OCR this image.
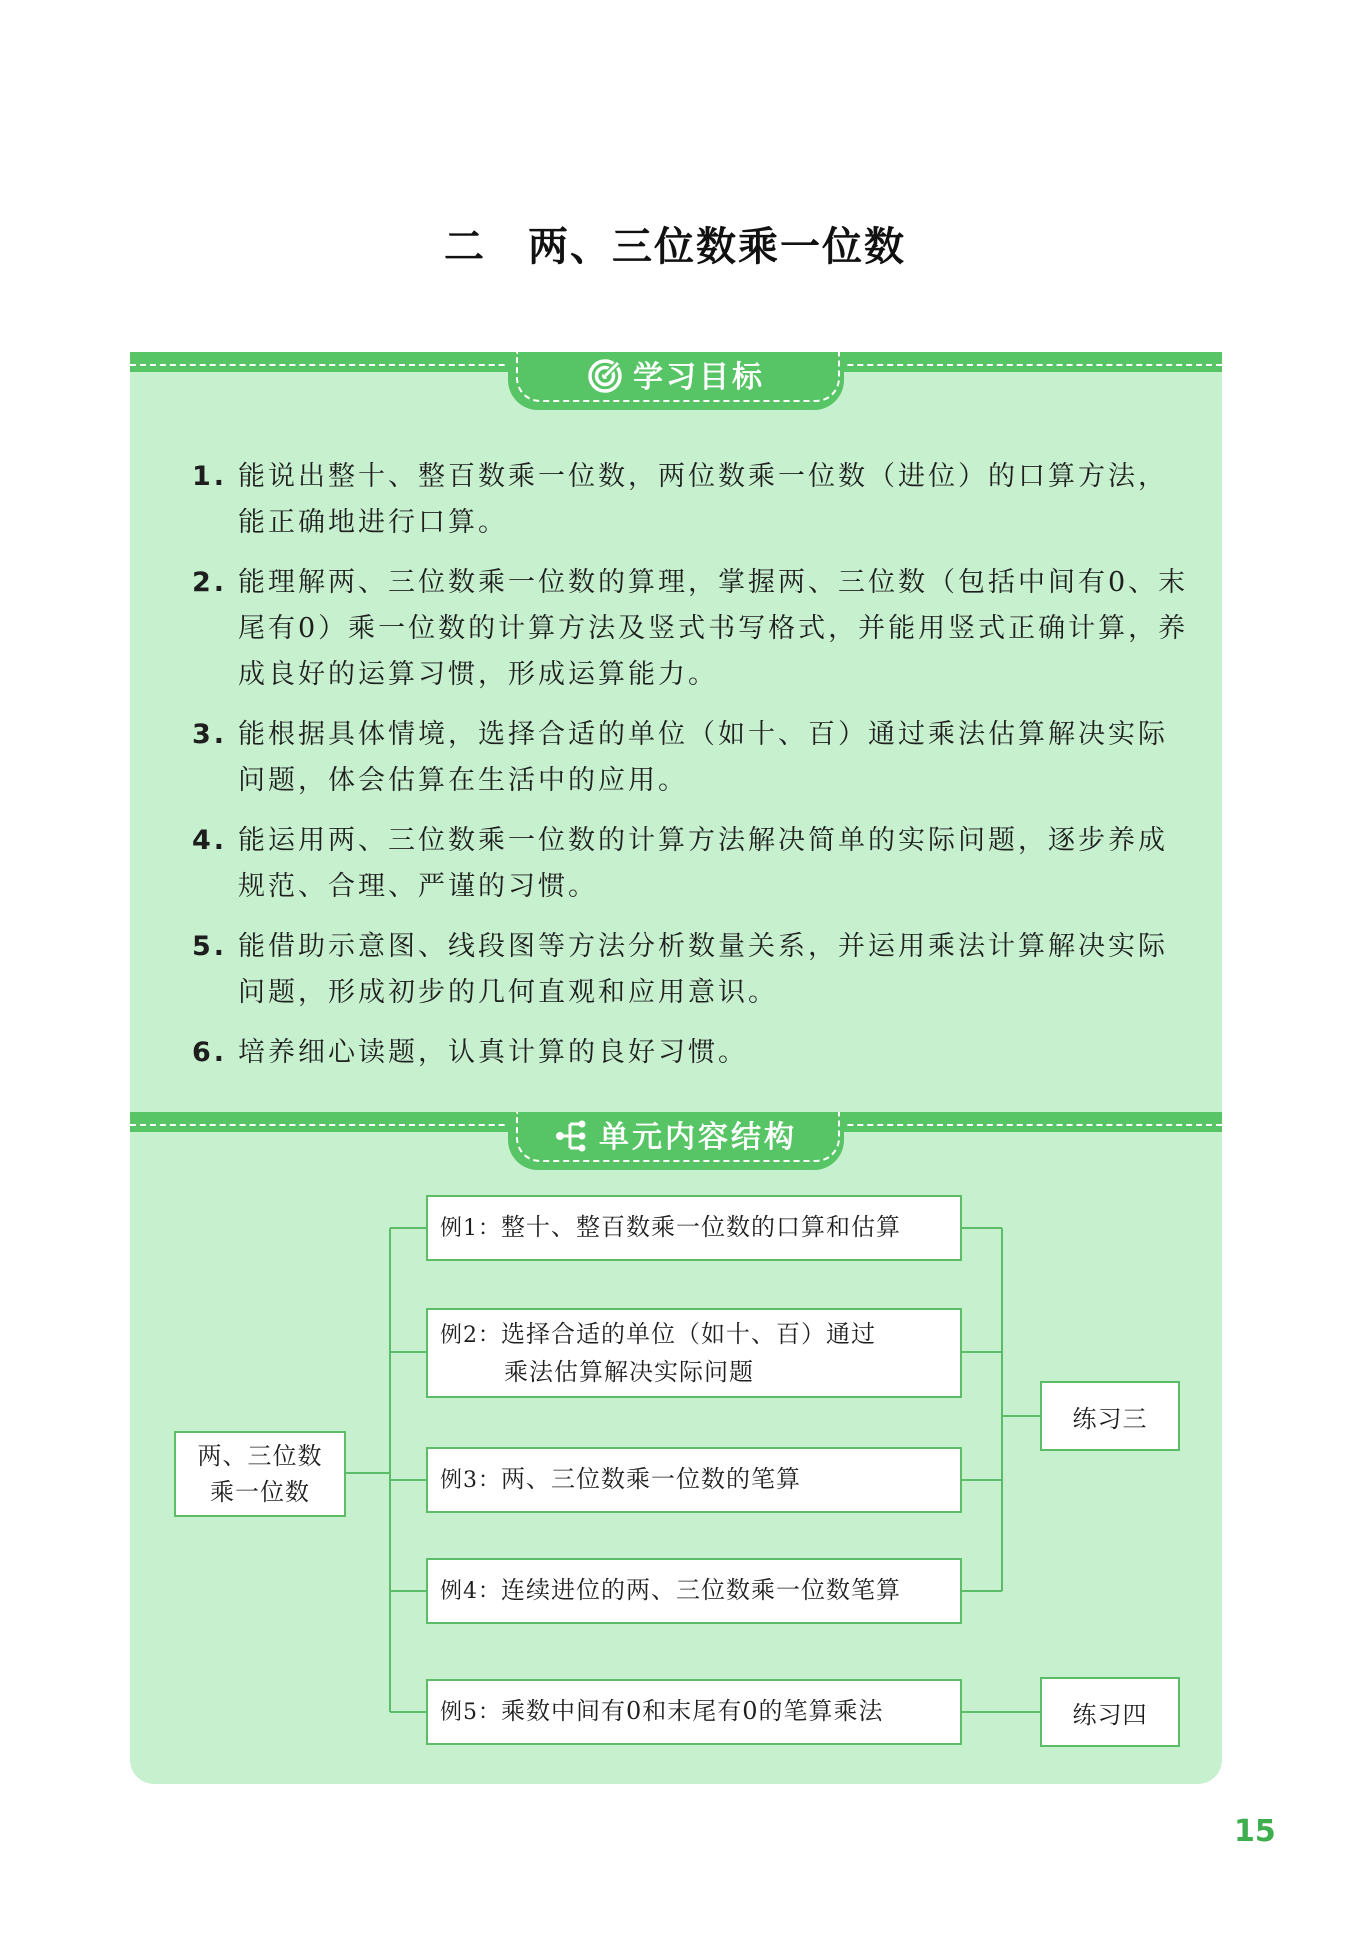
二　两、三位数乘一位数
学习目标
1. 能说出整十、整百数乘一位数，两位数乘一位数（进位）的口算方法，能正确地进行口算。
2. 能理解两、三位数乘一位数的算理，掌握两、三位数（包括中间有0、末尾有0）乘一位数的计算方法及竖式书写格式，并能用竖式正确计算，养成良好的运算习惯，形成运算能力。
3. 能根据具体情境，选择合适的单位（如十、百）通过乘法估算解决实际问题，体会估算在生活中的应用。
4. 能运用两、三位数乘一位数的计算方法解决简单的实际问题，逐步养成规范、合理、严谨的习惯。
5. 能借助示意图、线段图等方法分析数量关系，并运用乘法计算解决实际问题，形成初步的几何直观和应用意识。
6. 培养细心读题，认真计算的良好习惯。
单元内容结构
两、三位数
乘一位数
例1：整十、整百数乘一位数的口算和估算
例2：选择合适的单位（如十、百）通过
乘法估算解决实际问题
例3：两、三位数乘一位数的笔算
例4：连续进位的两、三位数乘一位数笔算
例5：乘数中间有0和末尾有0的笔算乘法
练习三
练习四
15
